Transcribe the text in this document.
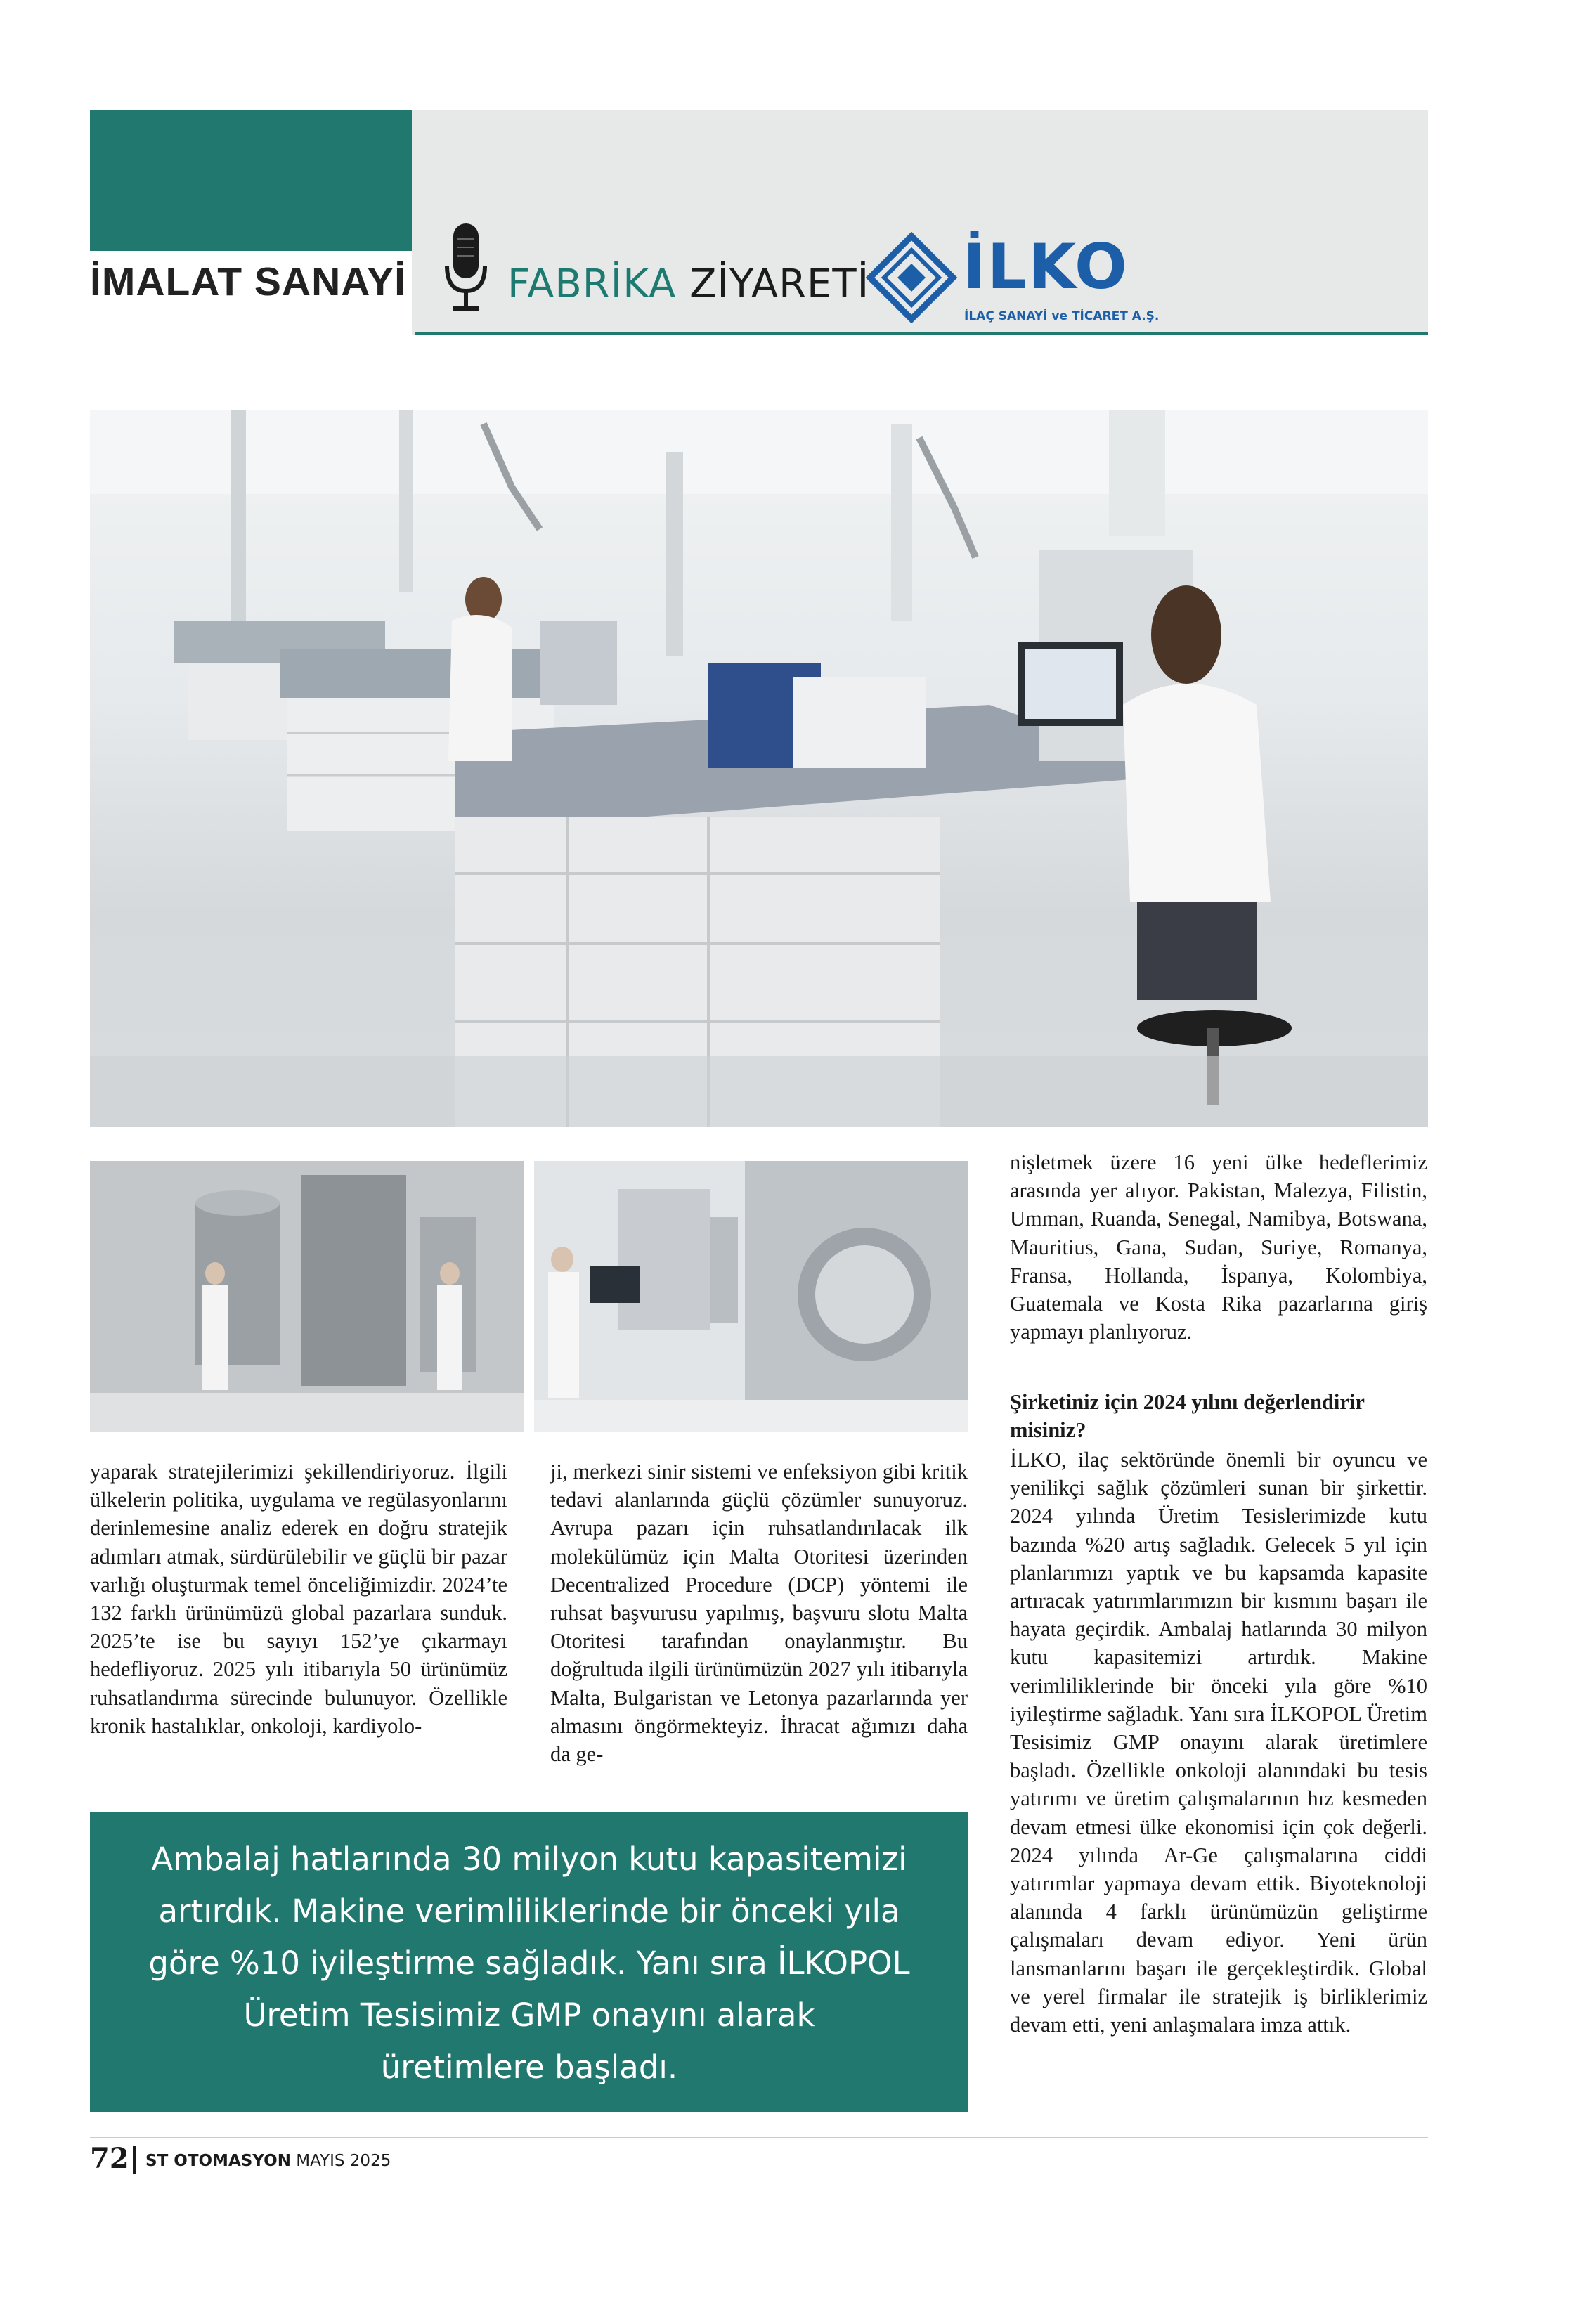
İMALAT SANAYİ	FABRİKA ZİYARETİ İLKO
İLAÇ SANAYİ ve TİCARET A.Ş.
yaparak stratejilerimizi şekillendiriyoruz. İlgili ülkelerin politika, uygulama ve regülasyonlarını derinlemesine analiz ederek en doğru stratejik adımları atmak, sürdürülebilir ve güçlü bir pazar varlığı oluşturmak temel önceliğimizdir. 2024’te 132 farklı ürünümüzü global pazarlara sunduk. 2025’te ise bu sayıyı 152’ye çıkarmayı hedefliyoruz. 2025 yılı itibarıyla 50 ürünümüz ruhsatlandırma sürecinde bulunuyor. Özellikle kronik hastalıklar, onkoloji, kardiyolo-
ji, merkezi sinir sistemi ve enfeksiyon gibi kritik tedavi alanlarında güçlü çözümler sunuyoruz. Avrupa pazarı için ruhsatlandırılacak ilk molekülümüz için Malta Otoritesi üzerinden Decentralized Procedure (DCP) yöntemi ile ruhsat başvurusu yapılmış, başvuru slotu Malta Otoritesi tarafından onaylanmıştır. Bu doğrultuda ilgili ürünümüzün 2027 yılı itibarıyla Malta, Bulgaristan ve Letonya pazarlarında yer almasını öngörmekteyiz. İhracat ağımızı daha da ge-
nişletmek üzere 16 yeni ülke hedeflerimiz arasında yer alıyor. Pakistan, Malezya, Filistin, Umman, Ruanda, Senegal, Namibya, Botswana, Mauritius, Gana, Sudan, Suriye, Romanya, Fransa, Hollanda, İspanya, Kolombiya, Guatemala ve Kosta Rika pazarlarına giriş yapmayı planlıyoruz.
Şirketiniz için 2024 yılını değerlendirir misiniz?
İLKO, ilaç sektöründe önemli bir oyuncu ve yenilikçi sağlık çözümleri sunan bir şirkettir. 2024 yılında Üretim Tesislerimizde kutu bazında %20 artış sağladık. Gelecek 5 yıl için planlarımızı yaptık ve bu kapsamda kapasite artıracak yatırımlarımızın bir kısmını başarı ile hayata geçirdik. Ambalaj hatlarında 30 milyon kutu kapasitemizi artırdık. Makine verimliliklerinde bir önceki yıla göre %10 iyileştirme sağladık. Yanı sıra İLKOPOL Üretim Tesisimiz GMP onayını alarak üretimlere başladı. Özellikle onkoloji alanındaki bu tesis yatırımı ve üretim çalışmalarının hız kesmeden devam etmesi ülke ekonomisi için çok değerli. 2024 yılında Ar-Ge çalışmalarına ciddi yatırımlar yapmaya devam ettik. Biyoteknoloji alanında 4 farklı ürünümüzün geliştirme çalışmaları devam ediyor. Yeni ürün lansmanlarını başarı ile gerçekleştirdik. Global ve yerel firmalar ile stratejik iş birliklerimiz devam etti, yeni anlaşmalara imza attık.
Ambalaj hatlarında 30 milyon kutu kapasitemizi
artırdık. Makine verimliliklerinde bir önceki yıla
göre %10 iyileştirme sağladık. Yanı sıra İLKOPOL
Üretim Tesisimiz GMP onayını alarak
üretimlere başladı.
72 ST OTOMASYON MAYIS 2025
